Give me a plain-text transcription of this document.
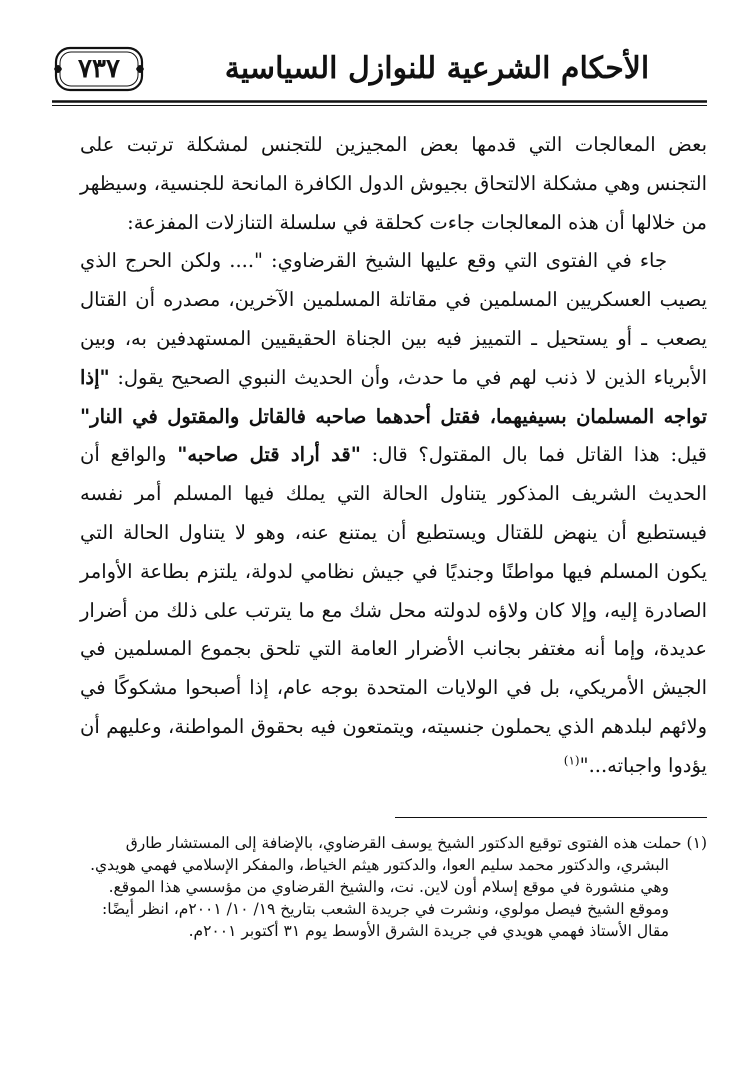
الأحكام الشرعية للنوازل السياسية
٧٣٧

بعض المعالجات التي قدمها بعض المجيزين للتجنس لمشكلة ترتبت على التجنس وهي مشكلة الالتحاق بجيوش الدول الكافرة المانحة للجنسية، وسيظهر من خلالها أن هذه المعالجات جاءت كحلقة في سلسلة التنازلات المفزعة:

جاء في الفتوى التي وقع عليها الشيخ القرضاوي: ".... ولكن الحرج الذي يصيب العسكريين المسلمين في مقاتلة المسلمين الآخرين، مصدره أن القتال يصعب ـ أو يستحيل ـ التمييز فيه بين الجناة الحقيقيين المستهدفين به، وبين الأبرياء الذين لا ذنب لهم في ما حدث، وأن الحديث النبوي الصحيح يقول: "إذا تواجه المسلمان بسيفيهما، فقتل أحدهما صاحبه فالقاتل والمقتول في النار" قيل: هذا القاتل فما بال المقتول؟ قال: "قد أراد قتل صاحبه" والواقع أن الحديث الشريف المذكور يتناول الحالة التي يملك فيها المسلم أمر نفسه فيستطيع أن ينهض للقتال ويستطيع أن يمتنع عنه، وهو لا يتناول الحالة التي يكون المسلم فيها مواطنًا وجنديًا في جيش نظامي لدولة، يلتزم بطاعة الأوامر الصادرة إليه، وإلا كان ولاؤه لدولته محل شك مع ما يترتب على ذلك من أضرار عديدة، وإما أنه مغتفر بجانب الأضرار العامة التي تلحق بجموع المسلمين في الجيش الأمريكي، بل في الولايات المتحدة بوجه عام، إذا أصبحوا مشكوكًا في ولائهم لبلدهم الذي يحملون جنسيته، ويتمتعون فيه بحقوق المواطنة، وعليهم أن يؤدوا واجباته..."$^{(١)}$

(١) حملت هذه الفتوى توقيع الدكتور الشيخ يوسف القرضاوي، بالإضافة إلى المستشار طارق

البشري، والدكتور محمد سليم العوا، والدكتور هيثم الخياط، والمفكر الإسلامي فهمي هويدي.

وهي منشورة في موقع إسلام أون لاين. نت، والشيخ القرضاوي من مؤسسي هذا الموقع.

وموقع الشيخ فيصل مولوي، ونشرت في جريدة الشعب بتاريخ ١٩/ ١٠/ ٢٠٠١م، انظر أيضًا:

مقال الأستاذ فهمي هويدي في جريدة الشرق الأوسط يوم ٣١ أكتوبر ٢٠٠١م.
